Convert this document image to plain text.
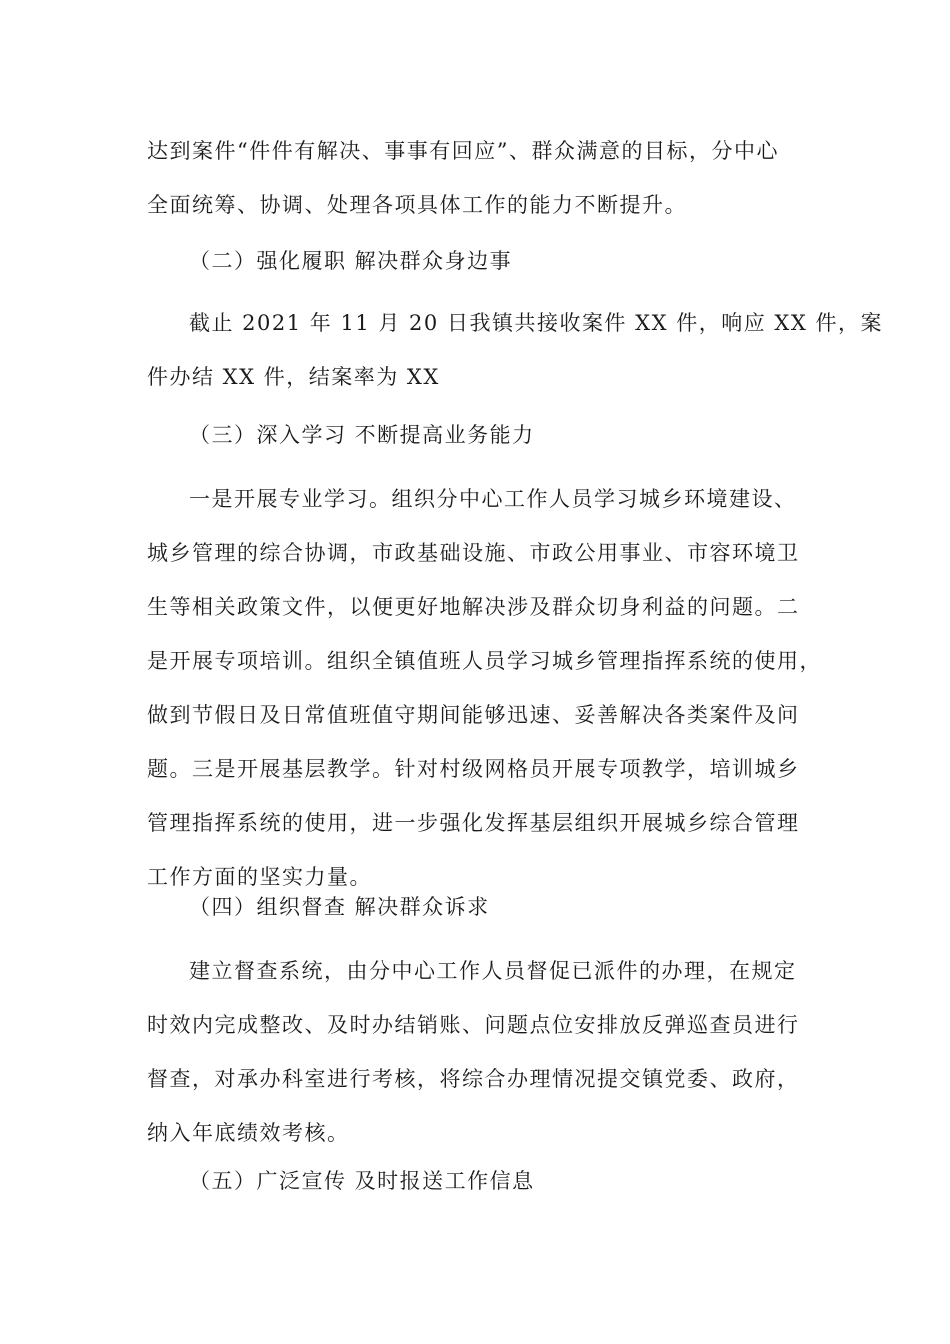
达到案件“件件有解决、事事有回应”、群众满意的目标，分中心
全面统筹、协调、处理各项具体工作的能力不断提升。
（二）强化履职 解决群众身边事
截止 2021 年 11 月 20 日我镇共接收案件 XX 件，响应 XX 件，案
件办结 XX 件，结案率为 XX
（三）深入学习 不断提高业务能力
一是开展专业学习。组织分中心工作人员学习城乡环境建设、
城乡管理的综合协调，市政基础设施、市政公用事业、市容环境卫
生等相关政策文件，以便更好地解决涉及群众切身利益的问题。二
是开展专项培训。组织全镇值班人员学习城乡管理指挥系统的使用，
做到节假日及日常值班值守期间能够迅速、妥善解决各类案件及问
题。三是开展基层教学。针对村级网格员开展专项教学，培训城乡
管理指挥系统的使用，进一步强化发挥基层组织开展城乡综合管理
工作方面的坚实力量。
（四）组织督查 解决群众诉求
建立督查系统，由分中心工作人员督促已派件的办理，在规定
时效内完成整改、及时办结销账、问题点位安排放反弹巡查员进行
督查，对承办科室进行考核，将综合办理情况提交镇党委、政府，
纳入年底绩效考核。
（五）广泛宣传 及时报送工作信息
